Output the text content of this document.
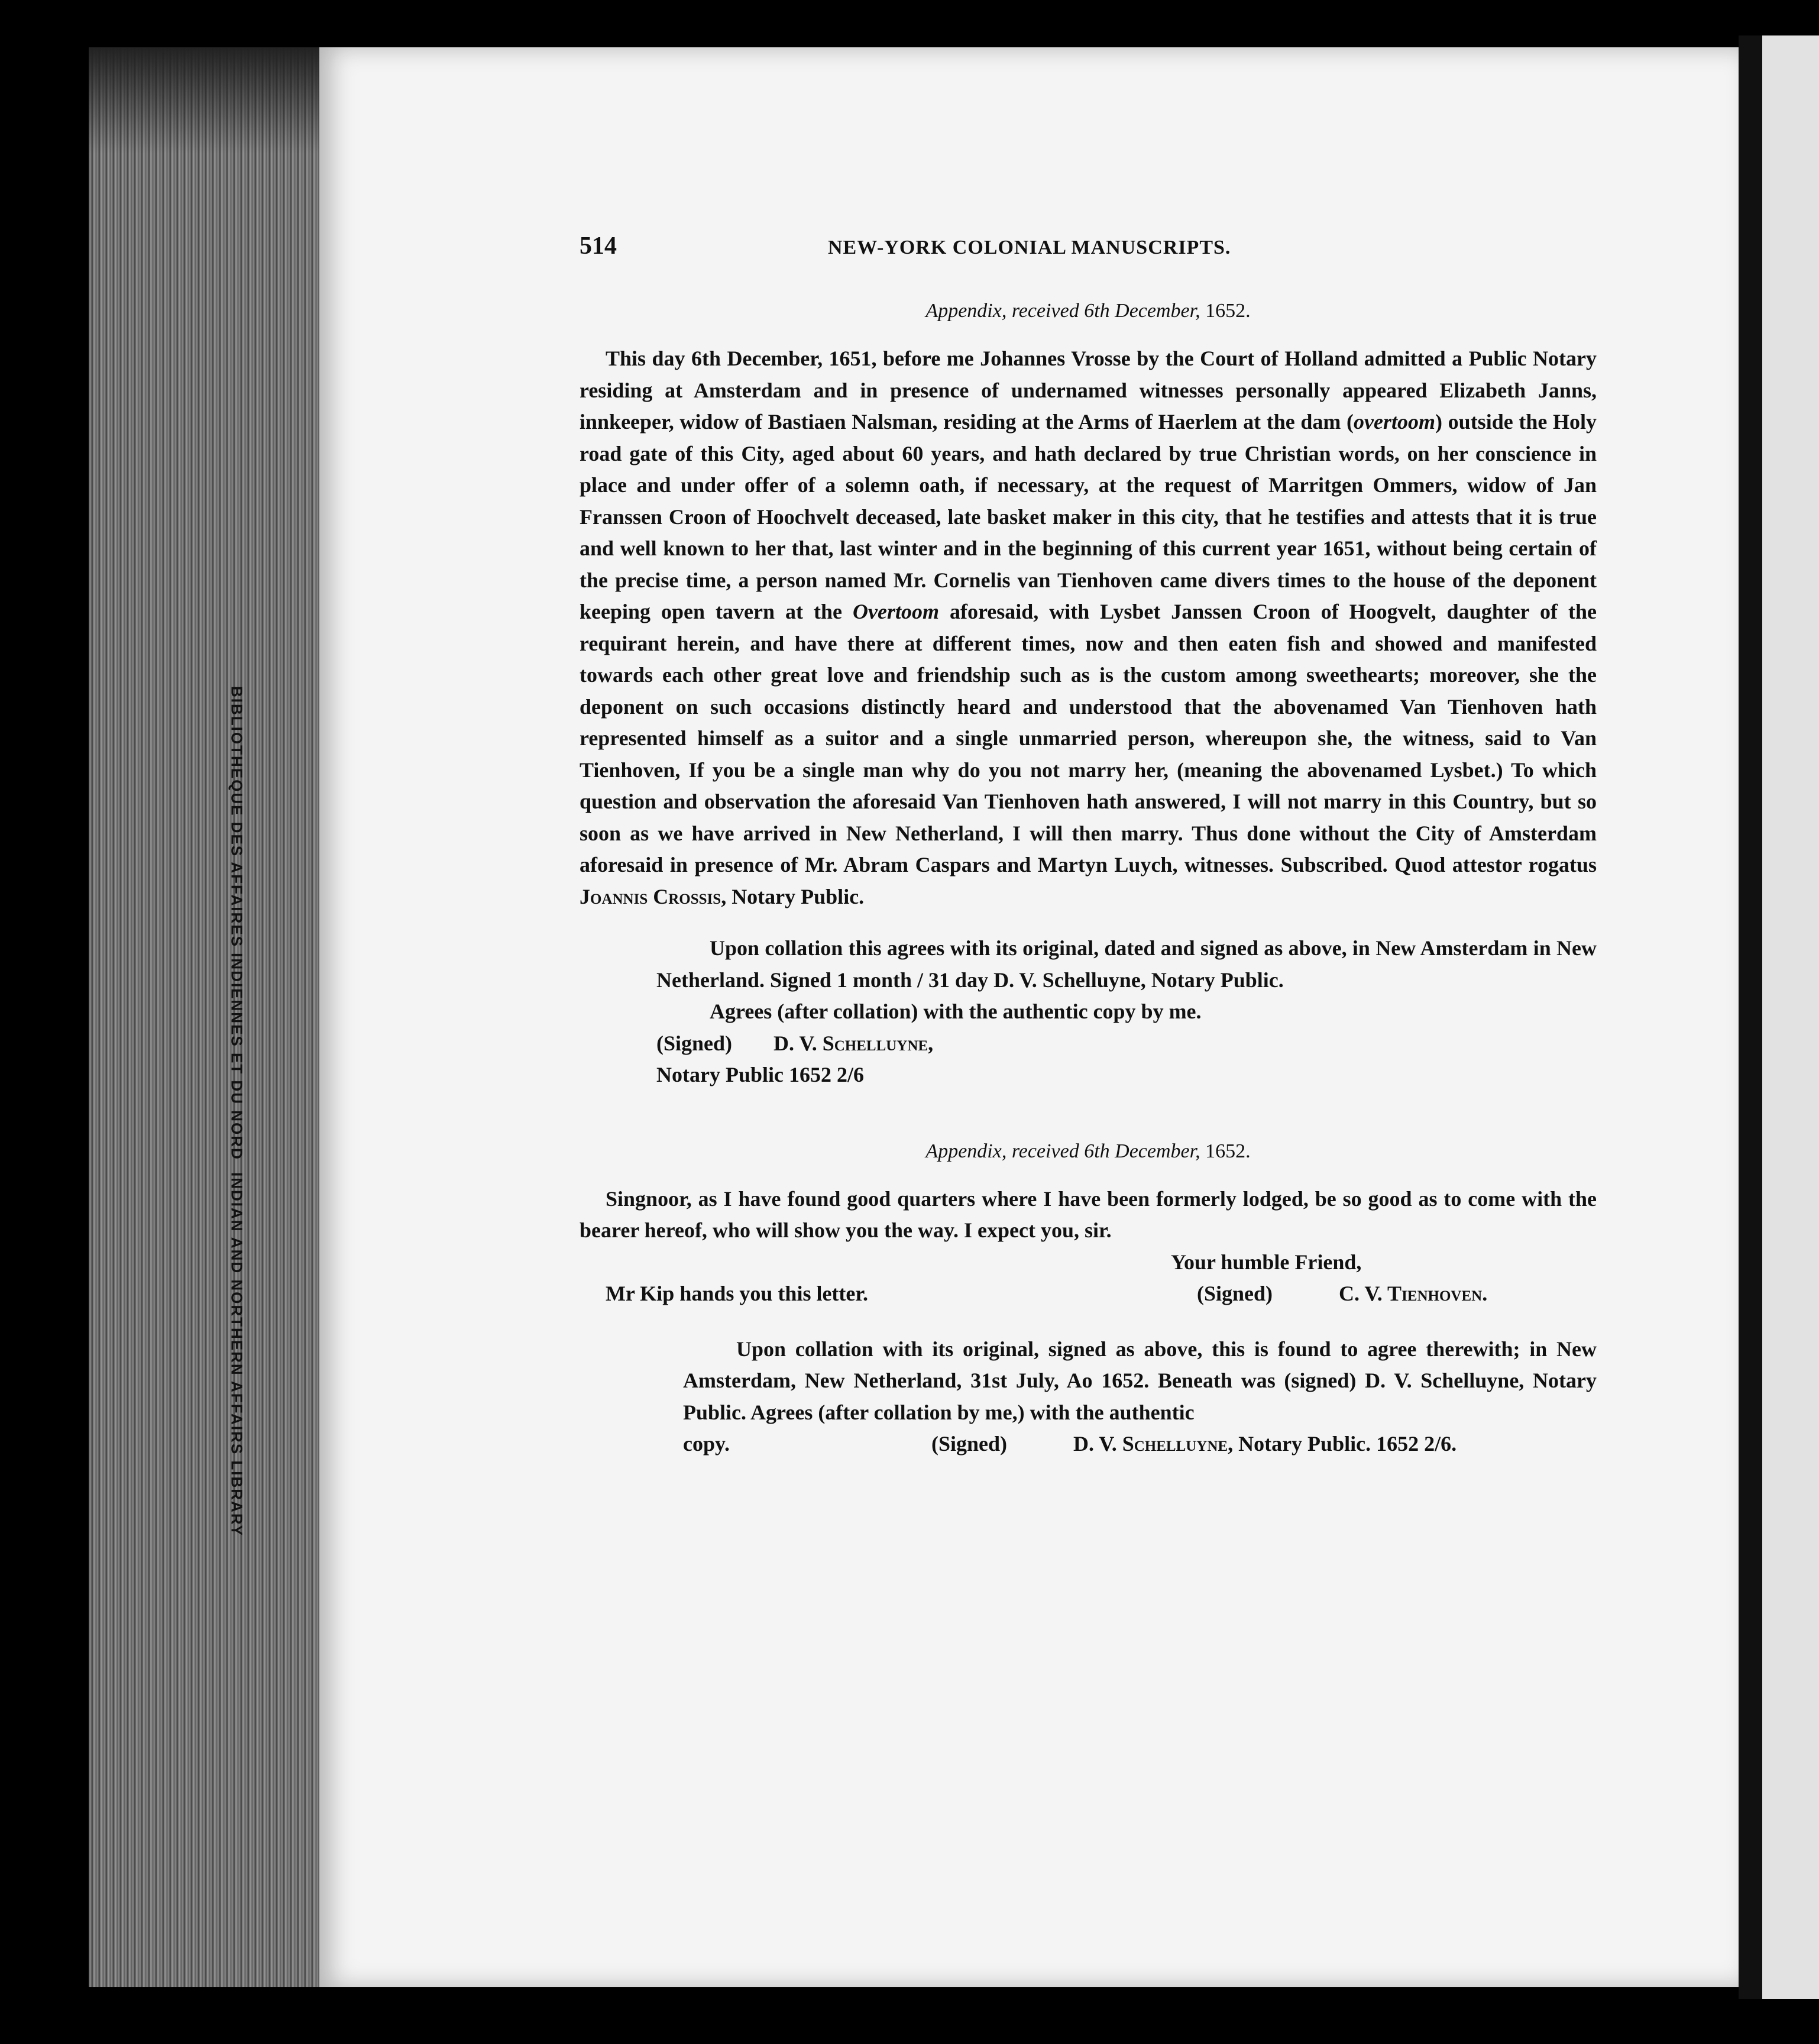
BIBLIOTHEQUE DES AFFAIRES INDIENNES ET DU NORD
INDIAN AND NORTHERN AFFAIRS LIBRARY
514	NEW-YORK COLONIAL MANUSCRIPTS.
Appendix, received 6th December, 1652.

This day 6th December, 1651, before me Johannes Vrosse by the Court of Holland admitted a Public Notary residing at Amsterdam and in presence of undernamed witnesses personally appeared Elizabeth Janns, innkeeper, widow of Bastiaen Nalsman, residing at the Arms of Haerlem at the dam (overtoom) outside the Holy road gate of this City, aged about 60 years, and hath declared by true Christian words, on her conscience in place and under offer of a solemn oath, if necessary, at the request of Marritgen Ommers, widow of Jan Franssen Croon of Hoochvelt deceased, late basket maker in this city, that he testifies and attests that it is true and well known to her that, last winter and in the beginning of this current year 1651, without being certain of the precise time, a person named Mr. Cornelis van Tienhoven came divers times to the house of the deponent keeping open tavern at the Overtoom aforesaid, with Lysbet Janssen Croon of Hoogvelt, daughter of the requirant herein, and have there at different times, now and then eaten fish and showed and manifested towards each other great love and friendship such as is the custom among sweethearts; moreover, she the deponent on such occasions distinctly heard and understood that the abovenamed Van Tienhoven hath represented himself as a suitor and a single unmarried person, whereupon she, the witness, said to Van Tienhoven, If you be a single man why do you not marry her, (meaning the abovenamed Lysbet.) To which question and observation the aforesaid Van Tienhoven hath answered, I will not marry in this Country, but so soon as we have arrived in New Netherland, I will then marry. Thus done without the City of Amsterdam aforesaid in presence of Mr. Abram Caspars and Martyn Luych, witnesses. Subscribed. Quod attestor rogatus Joannis Crossis, Notary Public.

Upon collation this agrees with its original, dated and signed as above, in New Amsterdam in New Netherland. Signed 1 month / 31 day D. V. Schelluyne, Notary Public.

Agrees (after collation) with the authentic copy by me.

(Signed) D. V. Schelluyne,

Notary Public 1652 2/6

Appendix, received 6th December, 1652.

Singnoor, as I have found good quarters where I have been formerly lodged, be so good as to come with the bearer hereof, who will show you the way. I expect you, sir.

Your humble Friend,

Mr Kip hands you this letter.	(Signed)	C. V. Tienhoven.

Upon collation with its original, signed as above, this is found to agree therewith; in New Amsterdam, New Netherland, 31st July, Ao 1652. Beneath was (signed) D. V. Schelluyne, Notary Public. Agrees (after collation by me,) with the authentic

copy.	(Signed)	D. V. Schelluyne, Notary Public. 1652 2/6.
